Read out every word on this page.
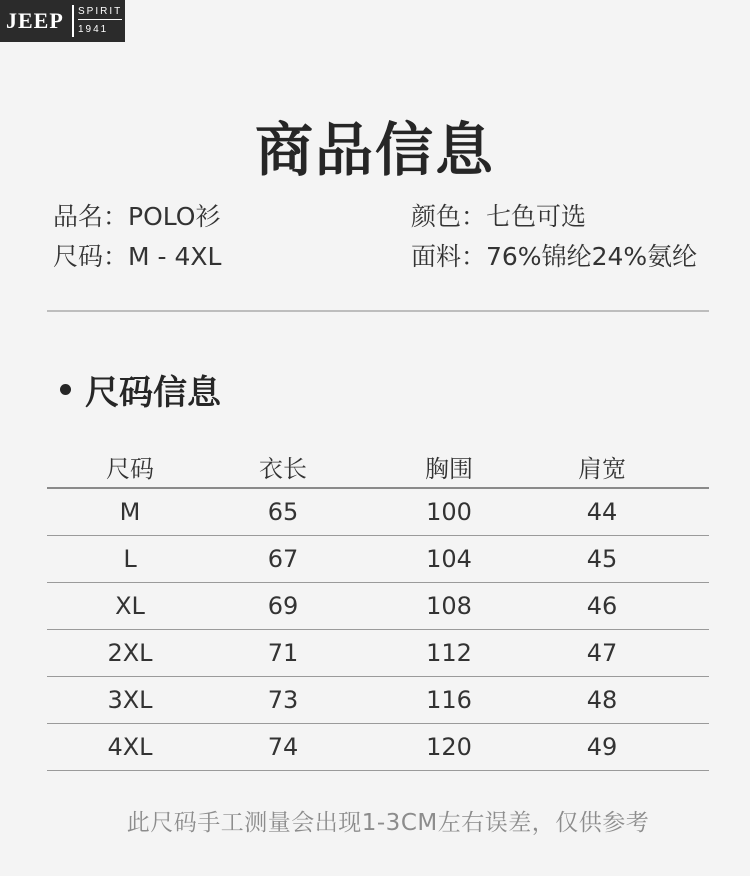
JEEP	SPIRIT
1941
商品信息
品名：POLO衫	颜色：七色可选
尺码：M - 4XL	面料：76%锦纶24%氨纶
尺码信息
尺码	衣长	胸围	肩宽
M	65	100	44
L	67	104	45
XL	69	108	46
2XL	71	112	47
3XL	73	116	48
4XL	74	120	49
此尺码手工测量会出现1-3CM左右误差，仅供参考
